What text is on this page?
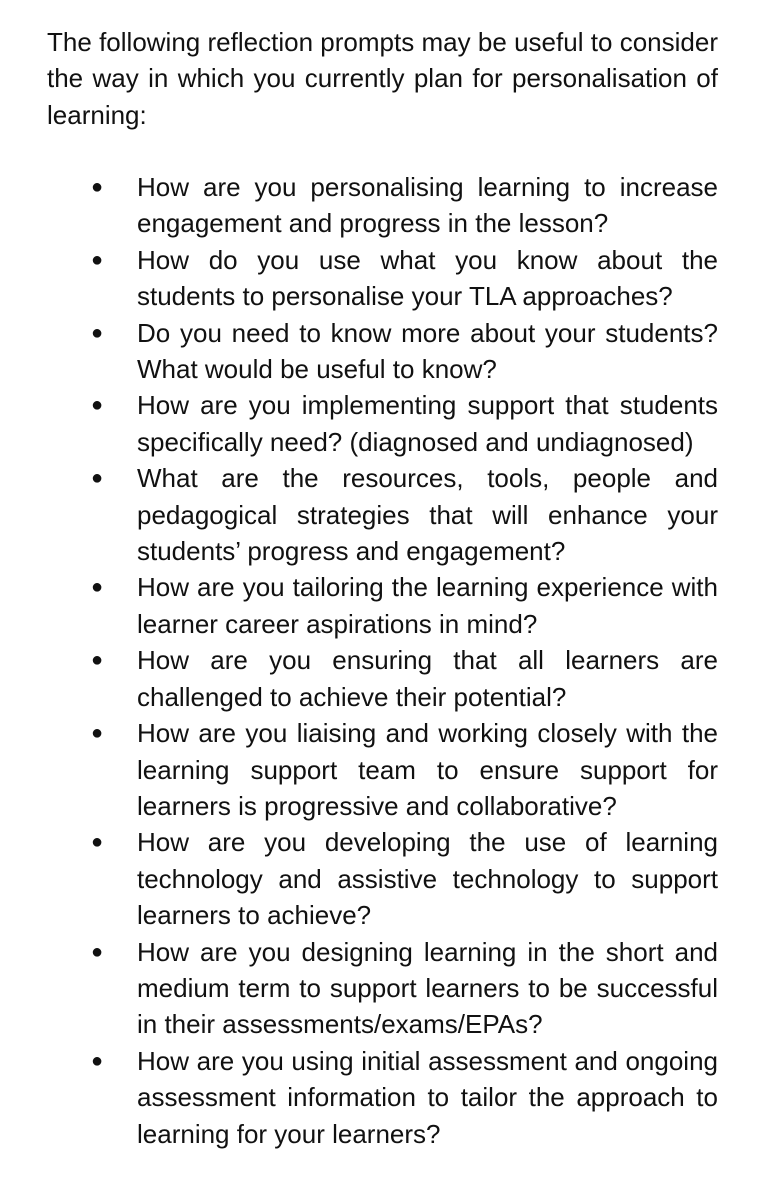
The following reflection prompts may be useful to consider the way in which you currently plan for personalisation of learning:

● How are you personalising learning to increase engagement and progress in the lesson?
● How do you use what you know about the students to personalise your TLA approaches?
● Do you need to know more about your students? What would be useful to know?
● How are you implementing support that students specifically need? (diagnosed and undiagnosed)
● What are the resources, tools, people and pedagogical strategies that will enhance your students’ progress and engagement?
● How are you tailoring the learning experience with learner career aspirations in mind?
● How are you ensuring that all learners are challenged to achieve their potential?
● How are you liaising and working closely with the learning support team to ensure support for learners is progressive and collaborative?
● How are you developing the use of learning technology and assistive technology to support learners to achieve?
● How are you designing learning in the short and medium term to support learners to be successful in their assessments/exams/EPAs?
● How are you using initial assessment and ongoing assessment information to tailor the approach to learning for your learners?
